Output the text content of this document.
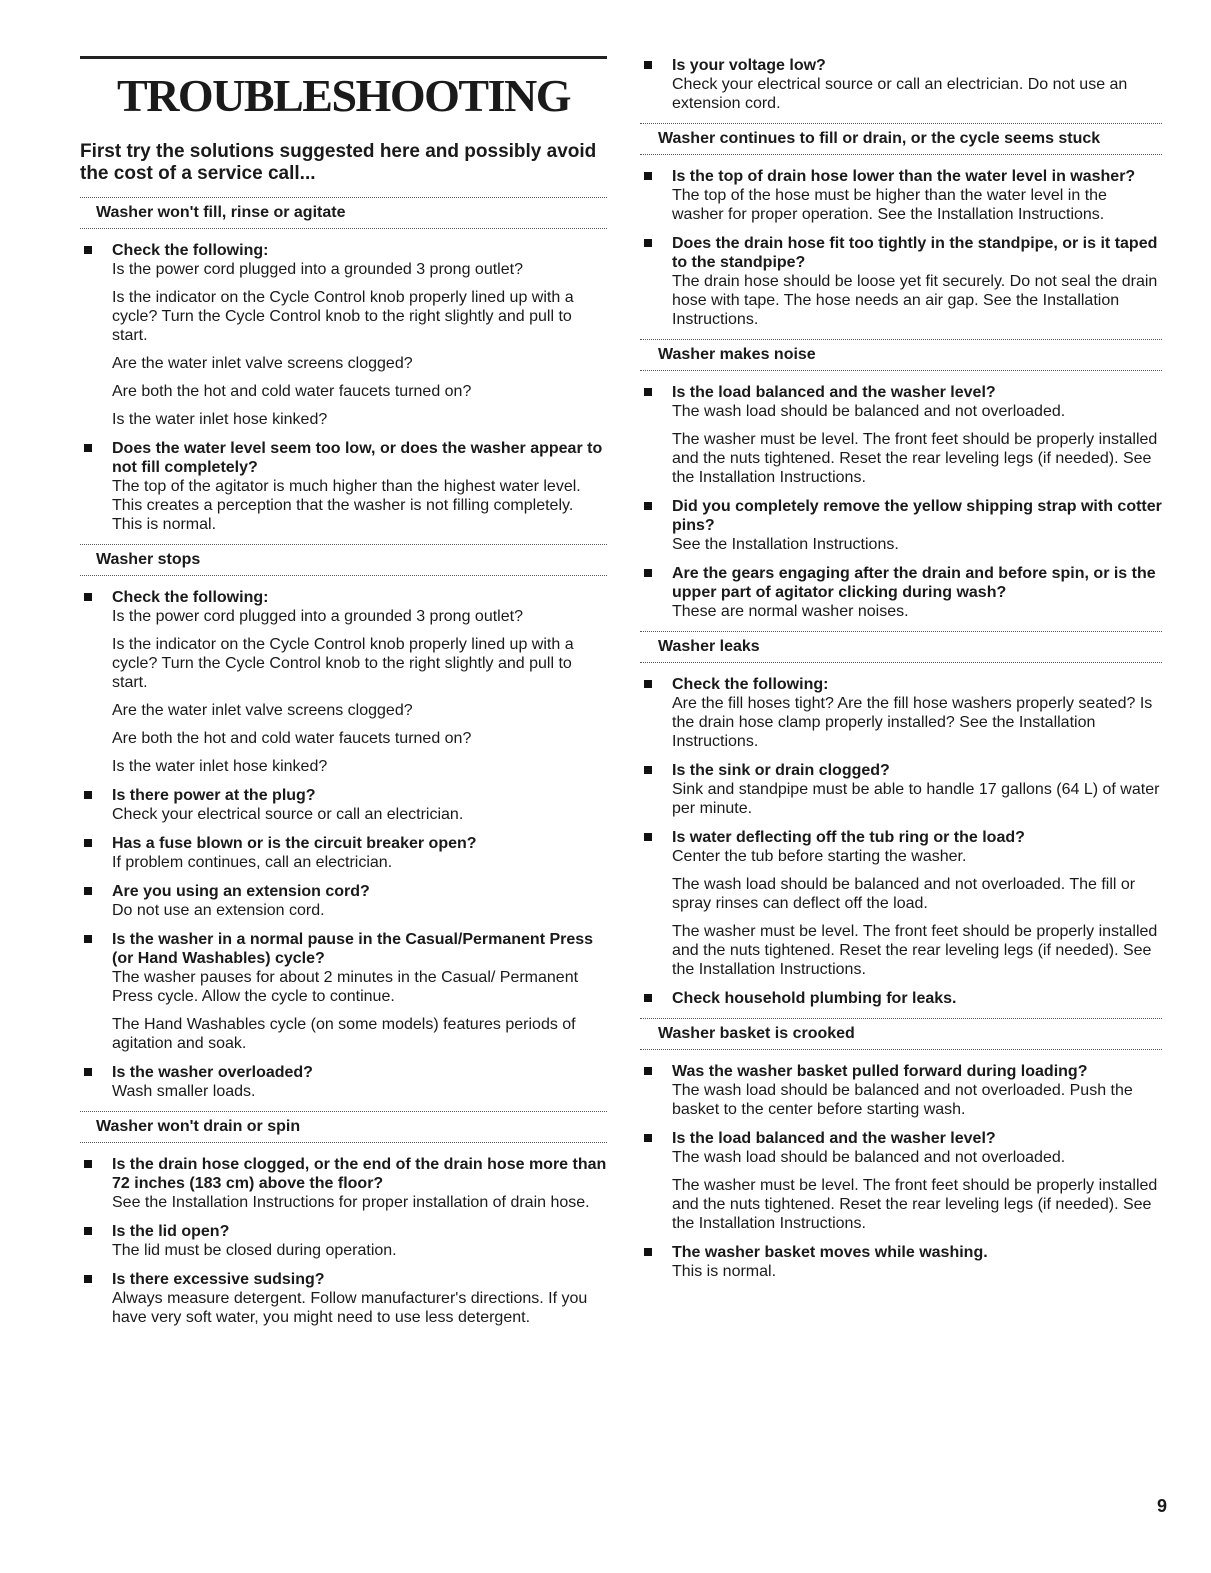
TROUBLESHOOTING
First try the solutions suggested here and possibly avoid the cost of a service call...
Washer won't fill, rinse or agitate
Check the following:
Is the power cord plugged into a grounded 3 prong outlet?
Is the indicator on the Cycle Control knob properly lined up with a cycle? Turn the Cycle Control knob to the right slightly and pull to start.
Are the water inlet valve screens clogged?
Are both the hot and cold water faucets turned on?
Is the water inlet hose kinked?
Does the water level seem too low, or does the washer appear to not fill completely?
The top of the agitator is much higher than the highest water level. This creates a perception that the washer is not filling completely. This is normal.
Washer stops
Check the following:
Is the power cord plugged into a grounded 3 prong outlet?
Is the indicator on the Cycle Control knob properly lined up with a cycle? Turn the Cycle Control knob to the right slightly and pull to start.
Are the water inlet valve screens clogged?
Are both the hot and cold water faucets turned on?
Is the water inlet hose kinked?
Is there power at the plug?
Check your electrical source or call an electrician.
Has a fuse blown or is the circuit breaker open?
If problem continues, call an electrician.
Are you using an extension cord?
Do not use an extension cord.
Is the washer in a normal pause in the Casual/Permanent Press (or Hand Washables) cycle?
The washer pauses for about 2 minutes in the Casual/ Permanent Press cycle. Allow the cycle to continue.
The Hand Washables cycle (on some models) features periods of agitation and soak.
Is the washer overloaded?
Wash smaller loads.
Washer won't drain or spin
Is the drain hose clogged, or the end of the drain hose more than 72 inches (183 cm) above the floor?
See the Installation Instructions for proper installation of drain hose.
Is the lid open?
The lid must be closed during operation.
Is there excessive sudsing?
Always measure detergent. Follow manufacturer's directions. If you have very soft water, you might need to use less detergent.
Is your voltage low?
Check your electrical source or call an electrician. Do not use an extension cord.
Washer continues to fill or drain, or the cycle seems stuck
Is the top of drain hose lower than the water level in washer?
The top of the hose must be higher than the water level in the washer for proper operation. See the Installation Instructions.
Does the drain hose fit too tightly in the standpipe, or is it taped to the standpipe?
The drain hose should be loose yet fit securely. Do not seal the drain hose with tape. The hose needs an air gap. See the Installation Instructions.
Washer makes noise
Is the load balanced and the washer level?
The wash load should be balanced and not overloaded.
The washer must be level. The front feet should be properly installed and the nuts tightened. Reset the rear leveling legs (if needed). See the Installation Instructions.
Did you completely remove the yellow shipping strap with cotter pins?
See the Installation Instructions.
Are the gears engaging after the drain and before spin, or is the upper part of agitator clicking during wash?
These are normal washer noises.
Washer leaks
Check the following:
Are the fill hoses tight? Are the fill hose washers properly seated? Is the drain hose clamp properly installed? See the Installation Instructions.
Is the sink or drain clogged?
Sink and standpipe must be able to handle 17 gallons (64 L) of water per minute.
Is water deflecting off the tub ring or the load?
Center the tub before starting the washer.
The wash load should be balanced and not overloaded. The fill or spray rinses can deflect off the load.
The washer must be level. The front feet should be properly installed and the nuts tightened. Reset the rear leveling legs (if needed). See the Installation Instructions.
Check household plumbing for leaks.
Washer basket is crooked
Was the washer basket pulled forward during loading?
The wash load should be balanced and not overloaded. Push the basket to the center before starting wash.
Is the load balanced and the washer level?
The wash load should be balanced and not overloaded.
The washer must be level. The front feet should be properly installed and the nuts tightened. Reset the rear leveling legs (if needed). See the Installation Instructions.
The washer basket moves while washing.
This is normal.
9
